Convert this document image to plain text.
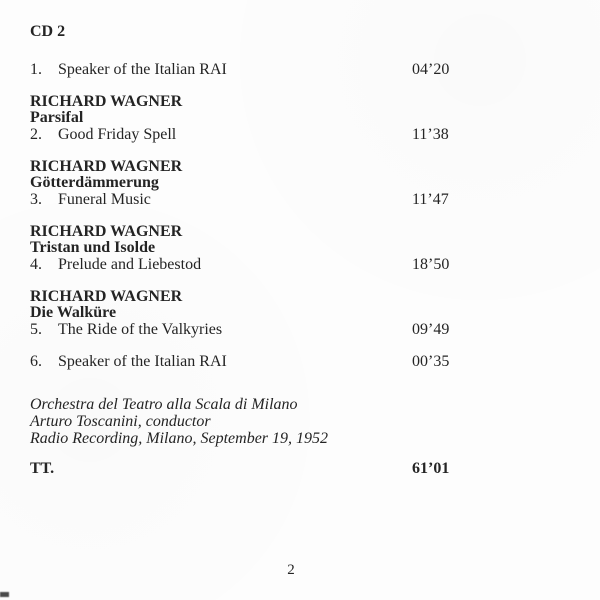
CD 2
1. Speaker of the Italian RAI	04’20
RICHARD WAGNER
Parsifal
2. Good Friday Spell	11’38
RICHARD WAGNER
Götterdämmerung
3. Funeral Music	11’47
RICHARD WAGNER
Tristan und Isolde
4. Prelude and Liebestod	18’50
RICHARD WAGNER
Die Walküre
5. The Ride of the Valkyries	09’49
6. Speaker of the Italian RAI	00’35
Orchestra del Teatro alla Scala di Milano
Arturo Toscanini, conductor
Radio Recording, Milano, September 19, 1952
TT.	61’01
2
